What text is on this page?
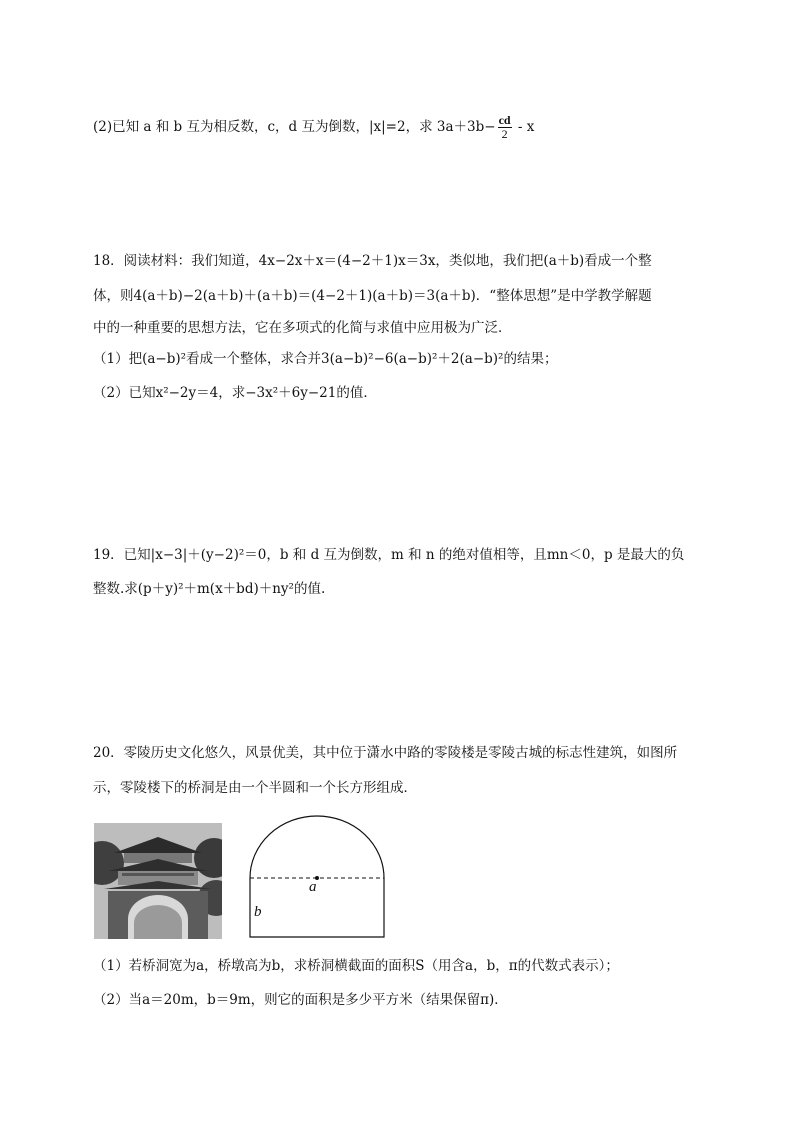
(2)已知 a 和 b 互为相反数，c，d 互为倒数，|x|=2，求 $3a+3b- \frac{cd}{2} - x$
18．阅读材料：我们知道，4x−2x＋x＝(4−2＋1)x＝3x，类似地，我们把(a＋b)看成一个整
体，则4(a＋b)−2(a＋b)＋(a＋b)＝(4−2＋1)(a＋b)＝3(a＋b)．“整体思想”是中学教学解题
中的一种重要的思想方法，它在多项式的化简与求值中应用极为广泛．
（1）把(a−b)²看成一个整体，求合并3(a−b)²−6(a−b)²＋2(a−b)²的结果；
（2）已知x²−2y＝4，求−3x²＋6y−21的值．
19．已知|x−3|＋(y−2)²＝0，b 和 d 互为倒数，m 和 n 的绝对值相等，且mn＜0，p 是最大的负
整数.求(p＋y)²＋m(x＋bd)＋ny²的值.
20．零陵历史文化悠久，风景优美，其中位于潇水中路的零陵楼是零陵古城的标志性建筑，如图所
示，零陵楼下的桥洞是由一个半圆和一个长方形组成．
a
b
（1）若桥洞宽为a，桥墩高为b，求桥洞横截面的面积S（用含a，b，π的代数式表示）；
（2）当a＝20m，b＝9m，则它的面积是多少平方米（结果保留π)．
